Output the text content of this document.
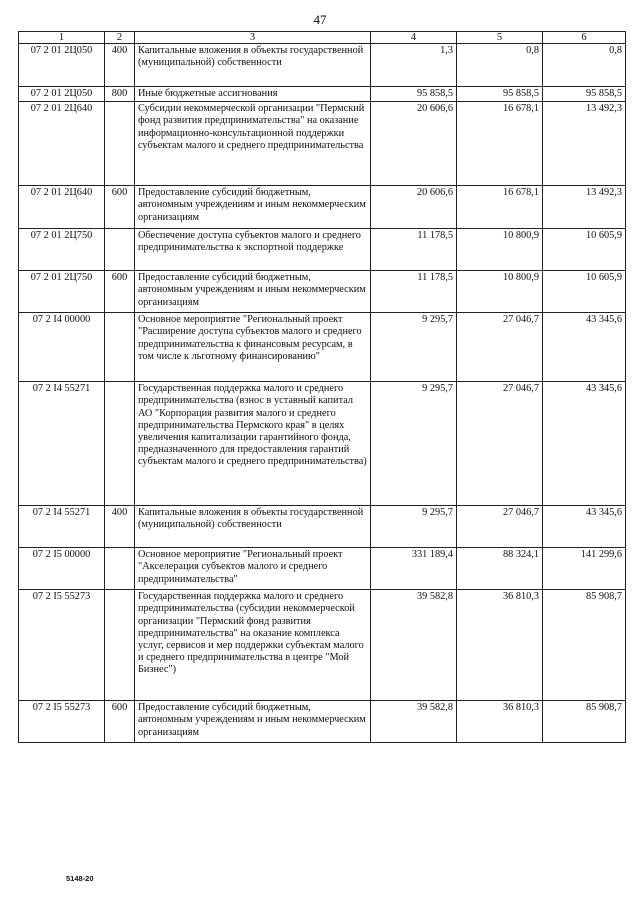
47
1	2	3	4	5	6
07 2 01 2Ц050	400	Капитальные вложения в объекты государственной (муниципальной) собственности	1,3	0,8	0,8
07 2 01 2Ц050	800	Иные бюджетные ассигнования	95 858,5	95 858,5	95 858,5
07 2 01 2Ц640		Субсидии некоммерческой организации "Пермский фонд развития предпринимательства" на оказание информационно-консультационной поддержки субъектам малого и среднего предпринимательства	20 606,6	16 678,1	13 492,3
07 2 01 2Ц640	600	Предоставление субсидий бюджетным, автономным учреждениям и иным некоммерческим организациям	20 606,6	16 678,1	13 492,3
07 2 01 2Ц750		Обеспечение доступа субъектов малого и среднего предпринимательства к экспортной поддержке	11 178,5	10 800,9	10 605,9
07 2 01 2Ц750	600	Предоставление субсидий бюджетным, автономным учреждениям и иным некоммерческим организациям	11 178,5	10 800,9	10 605,9
07 2 I4 00000		Основное мероприятие "Региональный проект "Расширение доступа субъектов малого и среднего предпринимательства к финансовым ресурсам, в том числе к льготному финансированию"	9 295,7	27 046,7	43 345,6
07 2 I4 55271		Государственная поддержка малого и среднего предпринимательства (взнос в уставный капитал АО "Корпорация развития малого и среднего предпринимательства Пермского края" в целях увеличения капитализации гарантийного фонда, предназначенного для предоставления гарантий субъектам малого и среднего предпринимательства)	9 295,7	27 046,7	43 345,6
07 2 I4 55271	400	Капитальные вложения в объекты государственной (муниципальной) собственности	9 295,7	27 046,7	43 345,6
07 2 I5 00000		Основное мероприятие "Региональный проект "Акселерация субъектов малого и среднего предпринимательства"	331 189,4	88 324,1	141 299,6
07 2 I5 55273		Государственная поддержка малого и среднего предпринимательства (субсидии некоммерческой организации "Пермский фонд развития предпринимательства" на оказание комплекса услуг, сервисов и мер поддержки субъектам малого и среднего предпринимательства в центре "Мой Бизнес")	39 582,8	36 810,3	85 908,7
07 2 I5 55273	600	Предоставление субсидий бюджетным, автономным учреждениям и иным некоммерческим организациям	39 582,8	36 810,3	85 908,7
5148-20
